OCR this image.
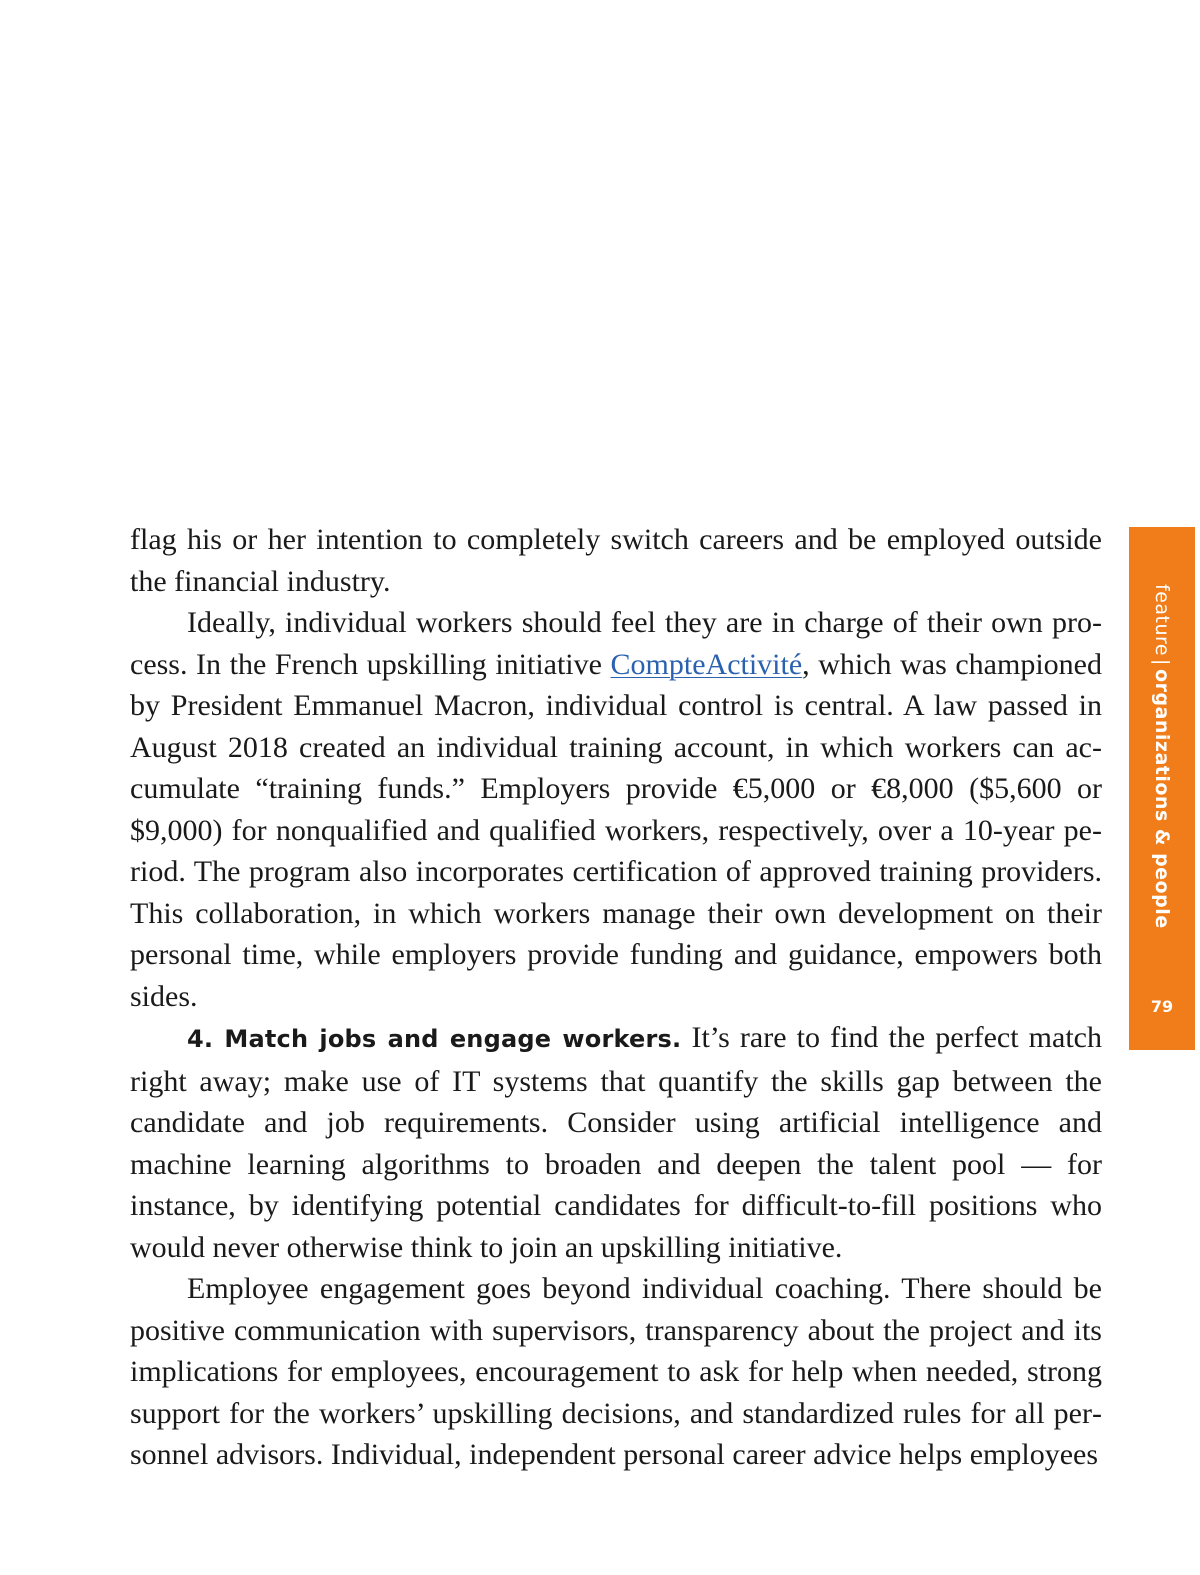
flag his or her intention to completely switch careers and be employed outside the financial industry.

Ideally, individual workers should feel they are in charge of their own process. In the French upskilling initiative CompteActivité, which was championed by President Emmanuel Macron, individual control is central. A law passed in August 2018 created an individual training account, in which workers can accumulate “training funds.” Employers provide €5,000 or €8,000 ($5,600 or $9,000) for nonqualified and qualified workers, respectively, over a 10-year period. The program also incorporates certification of approved training providers. This collaboration, in which workers manage their own development on their personal time, while employers provide funding and guidance, empowers both sides.

4. Match jobs and engage workers. It’s rare to find the perfect match right away; make use of IT systems that quantify the skills gap between the candidate and job requirements. Consider using artificial intelligence and machine learning algorithms to broaden and deepen the talent pool — for instance, by identifying potential candidates for difficult-to-fill positions who would never otherwise think to join an upskilling initiative.

Employee engagement goes beyond individual coaching. There should be positive communication with supervisors, transparency about the project and its implications for employees, encouragement to ask for help when needed, strong support for the workers’ upskilling decisions, and standardized rules for all personnel advisors. Individual, independent personal career advice helps employees

feature|organizations & people
79
